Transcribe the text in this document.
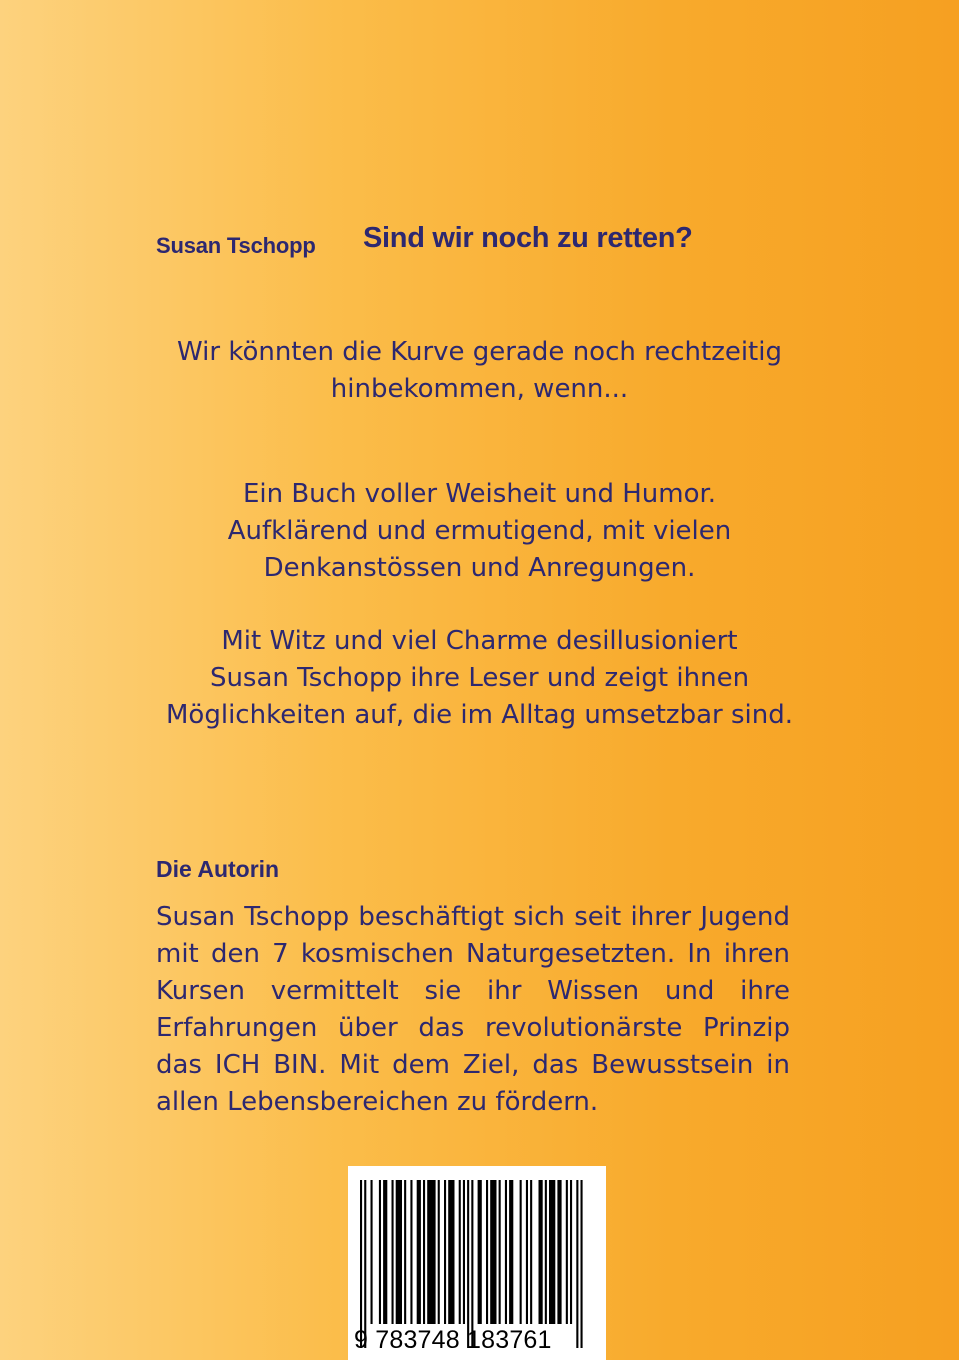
Susan Tschopp Sind wir noch zu retten?
Wir könnten die Kurve gerade noch rechtzeitig
hinbekommen, wenn...
Ein Buch voller Weisheit und Humor.
Aufklärend und ermutigend, mit vielen
Denkanstössen und Anregungen.
Mit Witz und viel Charme desillusioniert
Susan Tschopp ihre Leser und zeigt ihnen
Möglichkeiten auf, die im Alltag umsetzbar sind.
Die Autorin
Susan Tschopp beschäftigt sich seit ihrer Jugend
mit den 7 kosmischen Naturgesetzten. In ihren
Kursen vermittelt sie ihr Wissen und ihre
Erfahrungen über das revolutionärste Prinzip
das ICH BIN. Mit dem Ziel, das Bewusstsein in
allen Lebensbereichen zu fördern.
9 783748 183761
